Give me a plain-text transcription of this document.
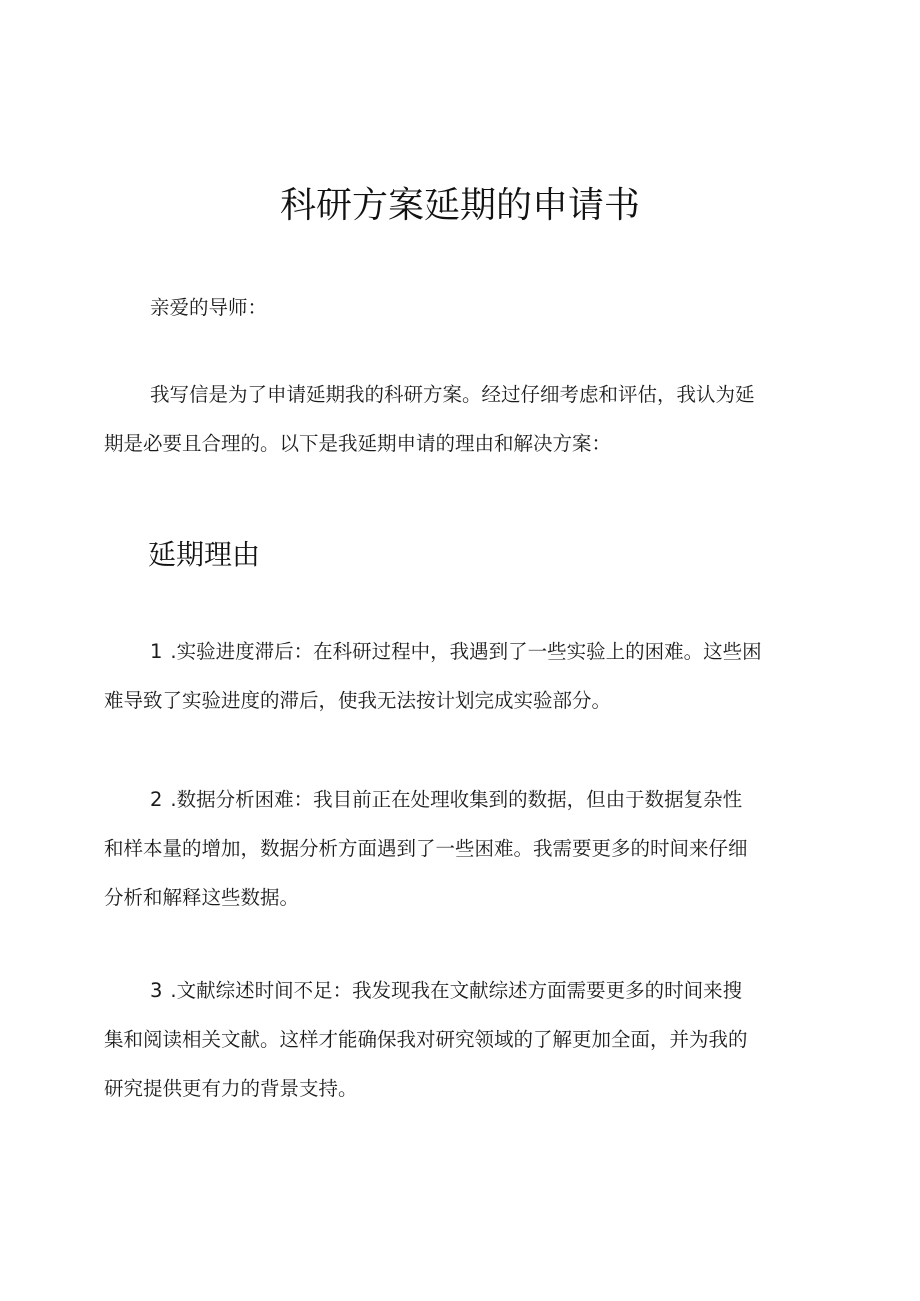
科研方案延期的申请书

亲爱的导师：

我写信是为了申请延期我的科研方案。经过仔细考虑和评估，我认为延
期是必要且合理的。以下是我延期申请的理由和解决方案：

延期理由

1 .实验进度滞后：在科研过程中，我遇到了一些实验上的困难。这些困
难导致了实验进度的滞后，使我无法按计划完成实验部分。

2 .数据分析困难：我目前正在处理收集到的数据，但由于数据复杂性
和样本量的增加，数据分析方面遇到了一些困难。我需要更多的时间来仔细
分析和解释这些数据。

3 .文献综述时间不足：我发现我在文献综述方面需要更多的时间来搜
集和阅读相关文献。这样才能确保我对研究领域的了解更加全面，并为我的
研究提供更有力的背景支持。
